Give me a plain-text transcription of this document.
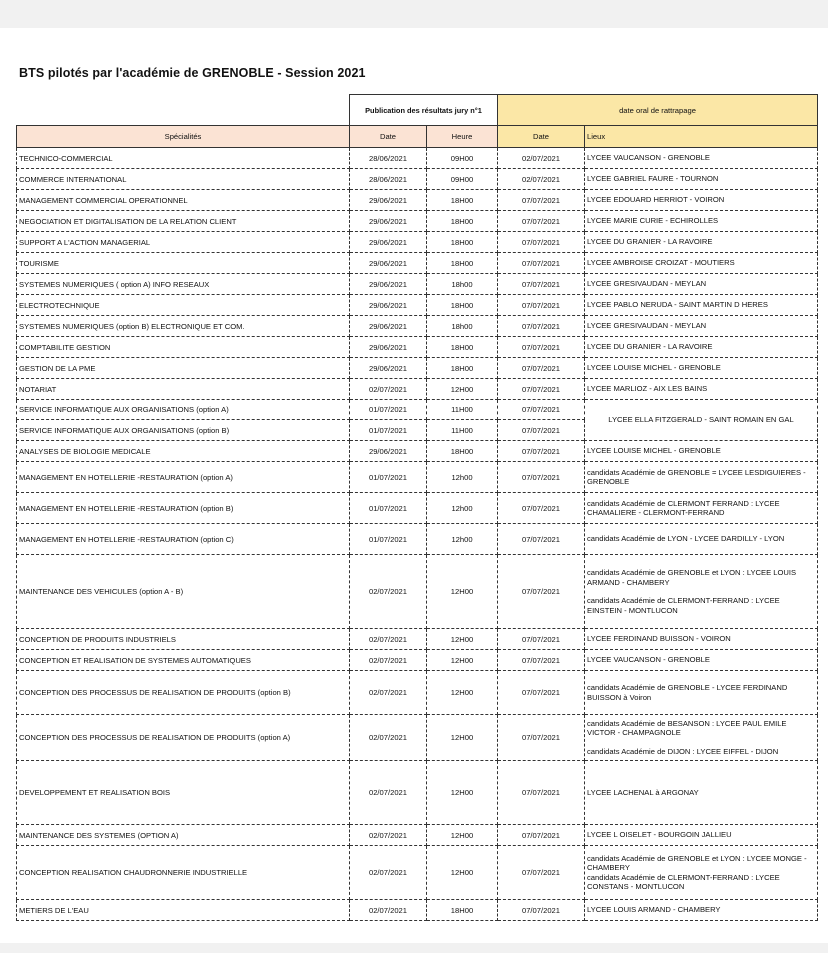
BTS pilotés par l'académie de GRENOBLE - Session 2021
	Publication des résultats jury n°1		date oral de rattrapage	
Spécialités	Date	Heure	Date	Lieux
TECHNICO-COMMERCIAL	28/06/2021	09H00	02/07/2021	LYCEE VAUCANSON - GRENOBLE

COMMERCE INTERNATIONAL	28/06/2021	09H00	02/07/2021	LYCEE GABRIEL FAURE - TOURNON

MANAGEMENT COMMERCIAL OPERATIONNEL	29/06/2021	18H00	07/07/2021	LYCEE EDOUARD HERRIOT - VOIRON

NEGOCIATION ET DIGITALISATION DE LA RELATION CLIENT	29/06/2021	18H00	07/07/2021	LYCEE MARIE CURIE - ECHIROLLES

SUPPORT A L'ACTION MANAGERIAL	29/06/2021	18H00	07/07/2021	LYCEE DU GRANIER - LA RAVOIRE

TOURISME	29/06/2021	18H00	07/07/2021	LYCEE AMBROISE CROIZAT - MOUTIERS

SYSTEMES NUMERIQUES ( option A) INFO RESEAUX	29/06/2021	18h00	07/07/2021	LYCEE GRESIVAUDAN - MEYLAN

ELECTROTECHNIQUE	29/06/2021	18H00	07/07/2021	LYCEE PABLO NERUDA - SAINT MARTIN D HERES

SYSTEMES NUMERIQUES (option B) ELECTRONIQUE ET COM.	29/06/2021	18h00	07/07/2021	LYCEE GRESIVAUDAN - MEYLAN

COMPTABILITE GESTION	29/06/2021	18H00	07/07/2021	LYCEE DU GRANIER - LA RAVOIRE

GESTION DE LA PME	29/06/2021	18H00	07/07/2021	LYCEE LOUISE MICHEL - GRENOBLE

NOTARIAT	02/07/2021	12H00	07/07/2021	LYCEE MARLIOZ - AIX LES BAINS

SERVICE INFORMATIQUE AUX ORGANISATIONS (option A)	01/07/2021	11H00	07/07/2021	LYCEE ELLA FITZGERALD - SAINT ROMAIN EN GAL

SERVICE INFORMATIQUE AUX ORGANISATIONS (option B)	01/07/2021	11H00	07/07/2021	
ANALYSES DE BIOLOGIE MEDICALE	29/06/2021	18H00	07/07/2021	LYCEE LOUISE MICHEL - GRENOBLE

MANAGEMENT EN HOTELLERIE -RESTAURATION (option A)	01/07/2021	12h00	07/07/2021	candidats Académie de GRENOBLE = LYCEE LESDIGUIERES - GRENOBLE

MANAGEMENT EN HOTELLERIE -RESTAURATION (option B)	01/07/2021	12h00	07/07/2021	candidats Académie de CLERMONT FERRAND : LYCEE CHAMALIERE - CLERMONT-FERRAND

MANAGEMENT EN HOTELLERIE -RESTAURATION (option C)	01/07/2021	12h00	07/07/2021	candidats Académie de LYON - LYCEE DARDILLY - LYON

MAINTENANCE DES VEHICULES (option A - B)	02/07/2021	12H00	07/07/2021	candidats Académie de GRENOBLE et LYON : LYCEE LOUIS ARMAND - CHAMBERY
candidats Académie de CLERMONT-FERRAND : LYCEE EINSTEIN - MONTLUCON

CONCEPTION DE PRODUITS INDUSTRIELS	02/07/2021	12H00	07/07/2021	LYCEE FERDINAND BUISSON - VOIRON

CONCEPTION ET REALISATION DE SYSTEMES AUTOMATIQUES	02/07/2021	12H00	07/07/2021	LYCEE VAUCANSON - GRENOBLE

CONCEPTION DES PROCESSUS DE REALISATION DE PRODUITS (option B)	02/07/2021	12H00	07/07/2021	candidats Académie de GRENOBLE - LYCEE FERDINAND BUISSON à Voiron

CONCEPTION DES PROCESSUS DE REALISATION DE PRODUITS (option A)	02/07/2021	12H00	07/07/2021	candidats Académie de BESANSON : LYCEE PAUL EMILE VICTOR - CHAMPAGNOLE
candidats Académie de DIJON : LYCEE EIFFEL - DIJON

DEVELOPPEMENT ET REALISATION BOIS	02/07/2021	12H00	07/07/2021	LYCEE LACHENAL à ARGONAY

MAINTENANCE DES SYSTEMES (OPTION A)	02/07/2021	12H00	07/07/2021	LYCEE L OISELET - BOURGOIN JALLIEU

CONCEPTION REALISATION CHAUDRONNERIE INDUSTRIELLE	02/07/2021	12H00	07/07/2021	candidats Académie de GRENOBLE et LYON : LYCEE MONGE - CHAMBERY
candidats Académie de CLERMONT-FERRAND : LYCEE CONSTANS - MONTLUCON

METIERS DE L'EAU	02/07/2021	18H00	07/07/2021	LYCEE LOUIS ARMAND - CHAMBERY
